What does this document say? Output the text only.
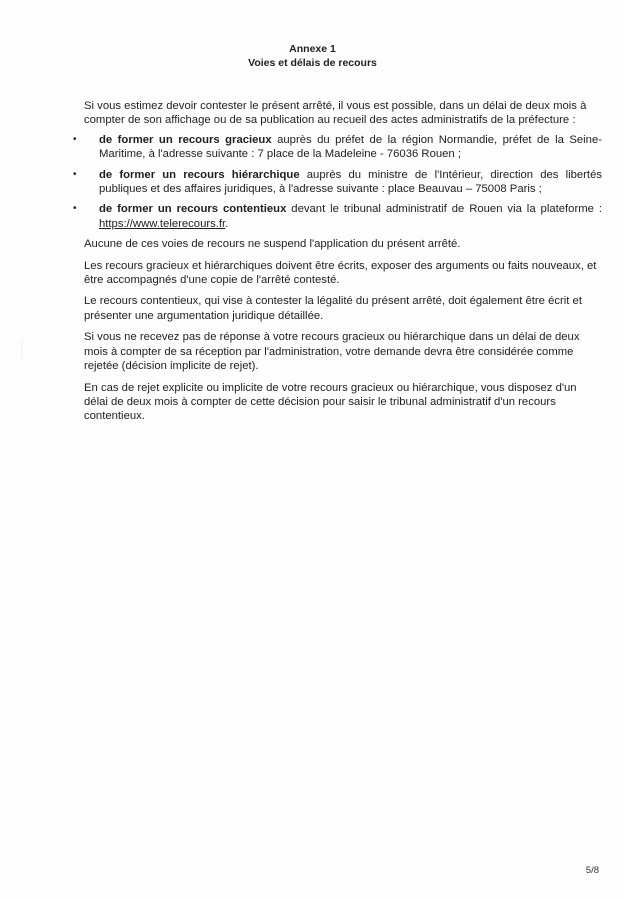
Annexe 1
Voies et délais de recours
⋮
⋮
⋮

Si vous estimez devoir contester le présent arrêté, il vous est possible, dans un délai de deux mois à compter de son affichage ou de sa publication au recueil des actes administratifs de la préfecture :

• de former un recours gracieux auprès du préfet de la région Normandie, préfet de la Seine-Maritime, à l'adresse suivante : 7 place de la Madeleine - 76036 Rouen ;
• de former un recours hiérarchique auprès du ministre de l'Intérieur, direction des libertés publiques et des affaires juridiques, à l'adresse suivante : place Beauvau – 75008 Paris ;
• de former un recours contentieux devant le tribunal administratif de Rouen via la plateforme : https://www.telerecours.fr.

Aucune de ces voies de recours ne suspend l'application du présent arrêté.

Les recours gracieux et hiérarchiques doivent être écrits, exposer des arguments ou faits nouveaux, et être accompagnés d'une copie de l'arrêté contesté.

Le recours contentieux, qui vise à contester la légalité du présent arrêté, doit également être écrit et présenter une argumentation juridique détaillée.

Si vous ne recevez pas de réponse à votre recours gracieux ou hiérarchique dans un délai de deux mois à compter de sa réception par l'administration, votre demande devra être considérée comme rejetée (décision implicite de rejet).

En cas de rejet explicite ou implicite de votre recours gracieux ou hiérarchique, vous disposez d'un délai de deux mois à compter de cette décision pour saisir le tribunal administratif d'un recours contentieux.

5/8
